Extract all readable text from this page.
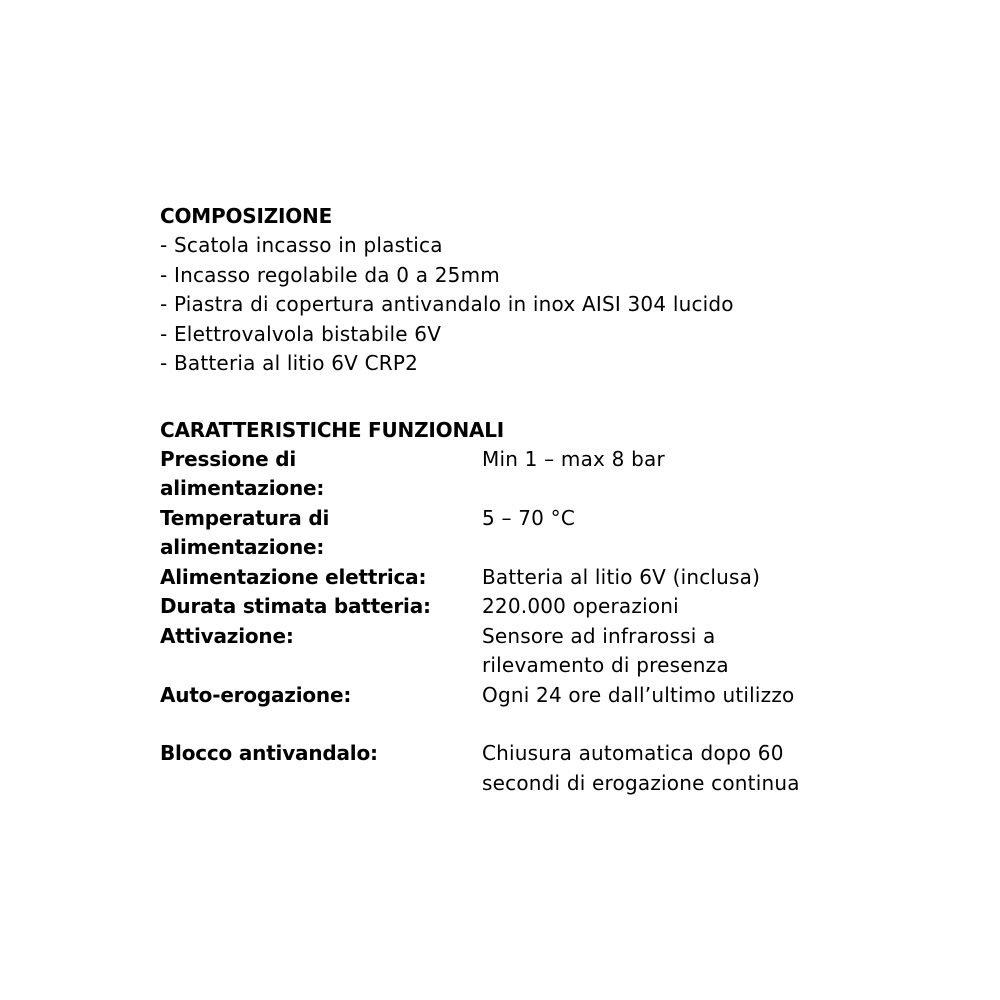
COMPOSIZIONE
- Scatola incasso in plastica
- Incasso regolabile da 0 a 25mm
- Piastra di copertura antivandalo in inox AISI 304 lucido
- Elettrovalvola bistabile 6V
- Batteria al litio 6V CRP2
CARATTERISTICHE FUNZIONALI
Pressione di
alimentazione:	Min 1 – max 8 bar

Temperatura di
alimentazione:	5 – 70 °C

Alimentazione elettrica:	Batteria al litio 6V (inclusa)

Durata stimata batteria:	220.000 operazioni

Attivazione:	Sensore ad infrarossi a
rilevamento di presenza

Auto-erogazione:	Ogni 24 ore dall’ultimo utilizzo

Blocco antivandalo:	Chiusura automatica dopo 60
secondi di erogazione continua
